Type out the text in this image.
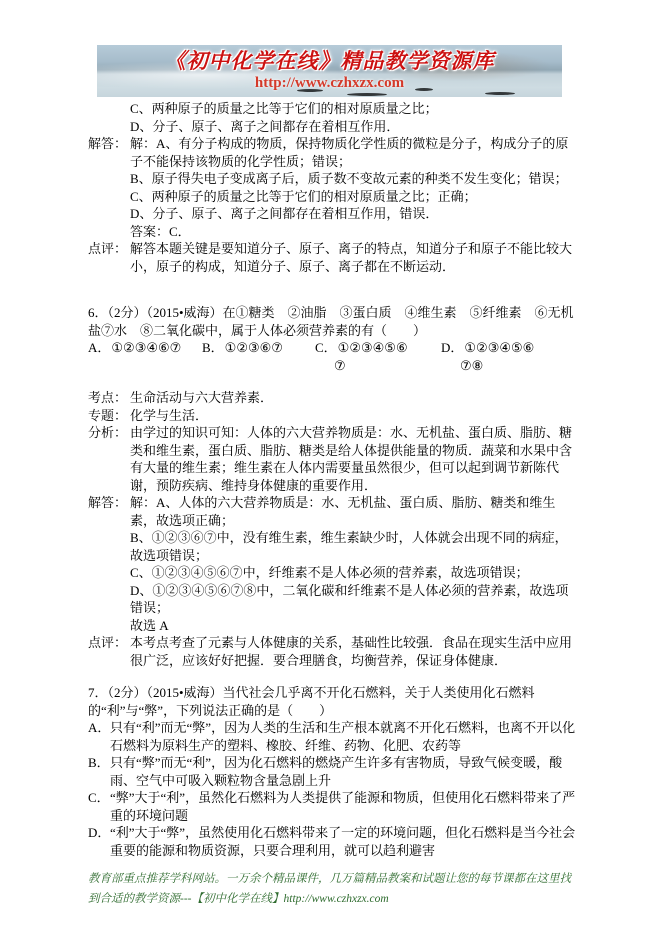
《初中化学在线》精品教学资源库
http://www.czhxzx.com
C、两种原子的质量之比等于它们的相对原质量之比；
D、分子、原子、离子之间都存在着相互作用．
解答： 解：A、有分子构成的物质，保持物质化学性质的微粒是分子，构成分子的原子不能保持该物质的化学性质；错误；
B、原子得失电子变成离子后，质子数不变故元素的种类不发生变化；错误；
C、两种原子的质量之比等于它们的相对原质量之比；正确；
D、分子、原子、离子之间都存在着相互作用，错误．
答案：C．
点评： 解答本题关键是要知道分子、原子、离子的特点，知道分子和原子不能比较大小，原子的构成，知道分子、原子、离子都在不断运动．
6．（2分）（2015•威海）在①糖类　②油脂　③蛋白质　④维生素　⑤纤维素　⑥无机盐⑦水　⑧二氧化碳中，属于人体必须营养素的有（　　）
A．①②③④⑥⑦	B．①②③⑥⑦	C．①②③④⑤⑥
⑦
D．①②③④⑤⑥
⑦⑧
考点： 生命活动与六大营养素．
专题： 化学与生活．
分析： 由学过的知识可知：人体的六大营养物质是：水、无机盐、蛋白质、脂肪、糖类和维生素，蛋白质、脂肪、糖类是给人体提供能量的物质．蔬菜和水果中含有大量的维生素；维生素在人体内需要量虽然很少，但可以起到调节新陈代谢，预防疾病、维持身体健康的重要作用．
解答： 解：A、人体的六大营养物质是：水、无机盐、蛋白质、脂肪、糖类和维生素，故选项正确；
B、①②③⑥⑦中，没有维生素，维生素缺少时，人体就会出现不同的病症，故选项错误；
C、①②③④⑤⑥⑦中，纤维素不是人体必须的营养素，故选项错误；
D、①②③④⑤⑥⑦⑧中，二氧化碳和纤维素不是人体必须的营养素，故选项错误；
故选 A
点评： 本考点考查了元素与人体健康的关系，基础性比较强．食品在现实生活中应用很广泛，应该好好把握．要合理膳食，均衡营养，保证身体健康．
7．（2分）（2015•威海）当代社会几乎离不开化石燃料，关于人类使用化石燃料的“利”与“弊”，下列说法正确的是（　　）
A． 只有“利”而无“弊”，因为人类的生活和生产根本就离不开化石燃料，也离不开以化石燃料为原料生产的塑料、橡胶、纤维、药物、化肥、农药等
B． 只有“弊”而无“利”，因为化石燃料的燃烧产生许多有害物质，导致气候变暖，酸雨、空气中可吸入颗粒物含量急剧上升
C． “弊”大于“利”，虽然化石燃料为人类提供了能源和物质，但使用化石燃料带来了严重的环境问题
D． “利”大于“弊”，虽然使用化石燃料带来了一定的环境问题，但化石燃料是当今社会重要的能源和物质资源，只要合理利用，就可以趋利避害
教育部重点推荐学科网站。一万余个精品课件，几万篇精品教案和试题让您的每节课都在这里找到合适的教学资源---【初中化学在线】http://www.czhxzx.com
